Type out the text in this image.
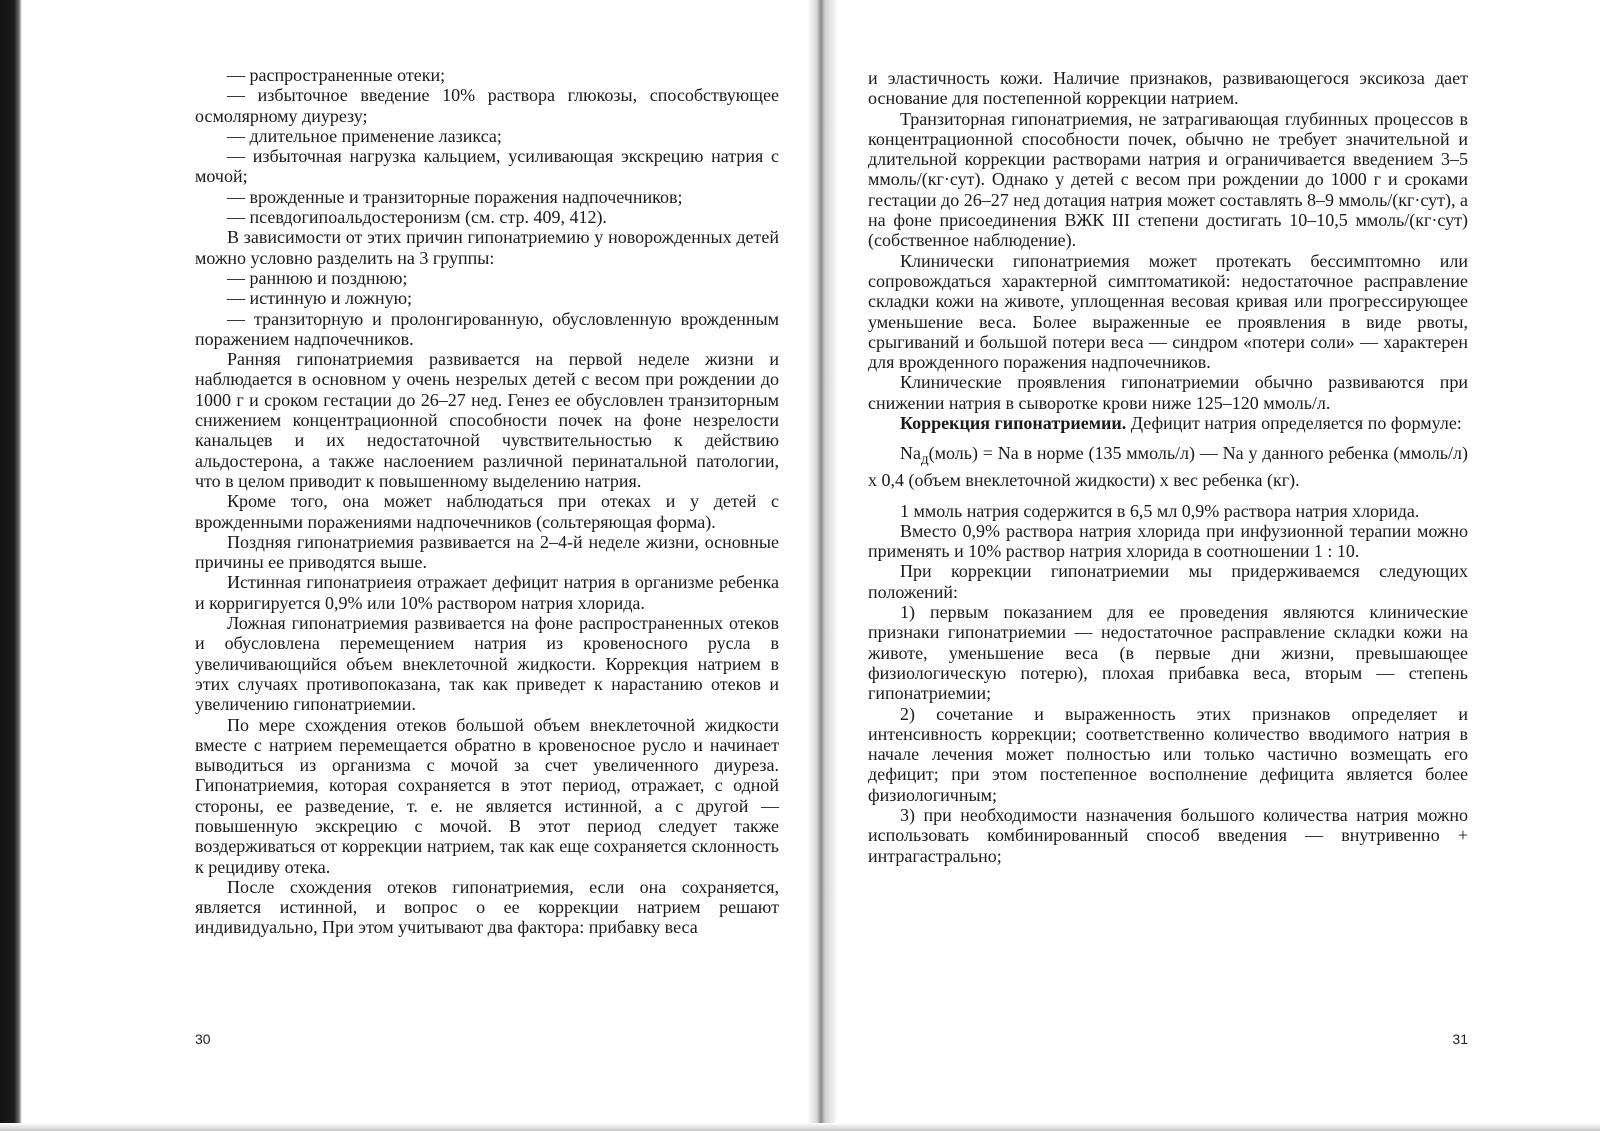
— распространенные отеки;

— избыточное введение 10% раствора глюкозы, способствующее осмолярному диурезу;

— длительное применение лазикса;

— избыточная нагрузка кальцием, усиливающая экскрецию натрия с мочой;

— врожденные и транзиторные поражения надпочечников;

— псевдогипоальдостеронизм (см. стр. 409, 412).

В зависимости от этих причин гипонатриемию у новорожденных детей можно условно разделить на 3 группы:

— раннюю и позднюю;

— истинную и ложную;

— транзиторную и пролонгированную, обусловленную врожденным поражением надпочечников.

Ранняя гипонатриемия развивается на первой неделе жизни и наблюдается в основном у очень незрелых детей с весом при рождении до 1000 г и сроком гестации до 26–27 нед. Генез ее обусловлен транзиторным снижением концентрационной способности почек на фоне незрелости канальцев и их недостаточной чувствительностью к действию альдостерона, а также наслоением различной перинатальной патологии, что в целом приводит к повышенному выделению натрия.

Кроме того, она может наблюдаться при отеках и у детей с врожденными поражениями надпочечников (сольтеряющая форма).

Поздняя гипонатриемия развивается на 2–4-й неделе жизни, основные причины ее приводятся выше.

Истинная гипонатриеия отражает дефицит натрия в организме ребенка и корригируется 0,9% или 10% раствором натрия хлорида.

Ложная гипонатриемия развивается на фоне распространенных отеков и обусловлена перемещением натрия из кровеносного русла в увеличивающийся объем внеклеточной жидкости. Коррекция натрием в этих случаях противопоказана, так как приведет к нарастанию отеков и увеличению гипонатриемии.

По мере схождения отеков большой объем внеклеточной жидкости вместе с натрием перемещается обратно в кровеносное русло и начинает выводиться из организма с мочой за счет увеличенного диуреза. Гипонатриемия, которая сохраняется в этот период, отражает, с одной стороны, ее разведение, т. е. не является истинной, а с другой — повышенную экскрецию с мочой. В этот период следует также воздерживаться от коррекции натрием, так как еще сохраняется склонность к рецидиву отека.

После схождения отеков гипонатриемия, если она сохраняется, является истинной, и вопрос о ее коррекции натрием решают индивидуально, При этом учитывают два фактора: прибавку веса

30

и эластичность кожи. Наличие признаков, развивающегося эксикоза дает основание для постепенной коррекции натрием.

Транзиторная гипонатриемия, не затрагивающая глубинных процессов в концентрационной способности почек, обычно не требует значительной и длительной коррекции растворами натрия и ограничивается введением 3–5 ммоль/(кг·сут). Однако у детей с весом при рождении до 1000 г и сроками гестации до 26–27 нед дотация натрия может составлять 8–9 ммоль/(кг·сут), а на фоне присоединения ВЖК III степени достигать 10–10,5 ммоль/(кг·сут) (собственное наблюдение).

Клинически гипонатриемия может протекать бессимптомно или сопровождаться характерной симптоматикой: недостаточное расправление складки кожи на животе, уплощенная весовая кривая или прогрессирующее уменьшение веса. Более выраженные ее проявления в виде рвоты, срыгиваний и большой потери веса — синдром «потери соли» — характерен для врожденного поражения надпочечников.

Клинические проявления гипонатриемии обычно развиваются при снижении натрия в сыворотке крови ниже 125–120 ммоль/л.

Коррекция гипонатриемии. Дефицит натрия определяется по формуле:

$Na_д(моль) = Na$ в норме (135 ммоль/л) — Na у данного ребенка (ммоль/л) х 0,4 (объем внеклеточной жидкости) х вес ребенка (кг).

1 ммоль натрия содержится в 6,5 мл 0,9% раствора натрия хлорида.

Вместо 0,9% раствора натрия хлорида при инфузионной терапии можно применять и 10% раствор натрия хлорида в соотношении 1 : 10.

При коррекции гипонатриемии мы придерживаемся следующих положений:

1) первым показанием для ее проведения являются клинические признаки гипонатриемии — недостаточное расправление складки кожи на животе, уменьшение веса (в первые дни жизни, превышающее физиологическую потерю), плохая прибавка веса, вторым — степень гипонатриемии;

2) сочетание и выраженность этих признаков определяет и интенсивность коррекции; соответственно количество вводимого натрия в начале лечения может полностью или только частично возмещать его дефицит; при этом постепенное восполнение дефицита является более физиологичным;

3) при необходимости назначения большого количества натрия можно использовать комбинированный способ введения — внутривенно + интрагастрально;

31
